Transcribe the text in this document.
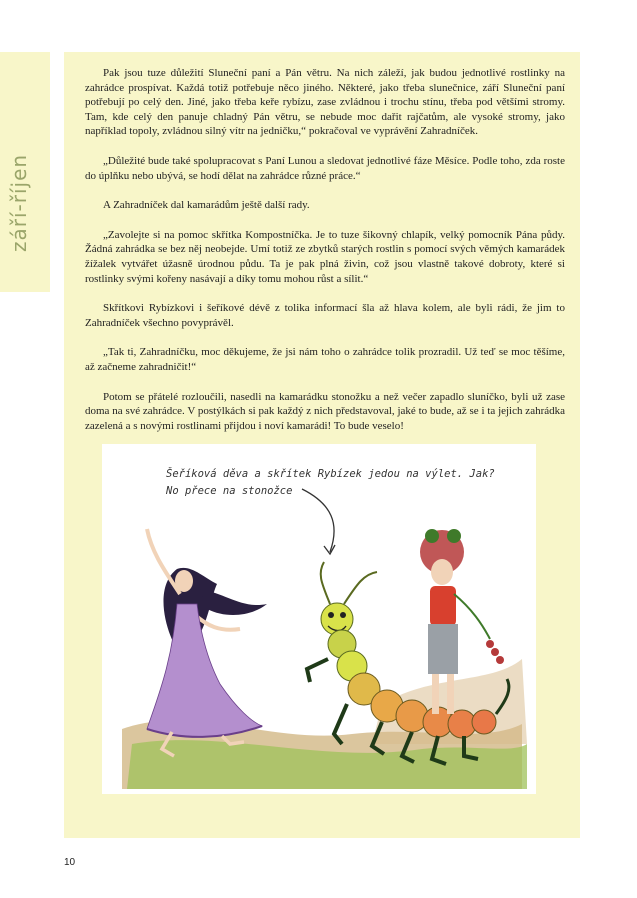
září-říjen

Pak jsou tuze důležití Sluneční paní a Pán větru. Na nich záleží, jak budou jednotlivé rostlinky na zahrádce prospívat. Každá totiž potřebuje něco jiného. Některé, jako třeba slunečnice, září Sluneční paní potřebují po celý den. Jiné, jako třeba keře rybízu, zase zvládnou i trochu stínu, třeba pod většími stromy. Tam, kde celý den panuje chladný Pán větru, se nebude moc dařit rajčatům, ale vysoké stromy, jako například topoly, zvládnou silný vítr na jedničku,“ pokračoval ve vyprávění Zahradníček.

„Důležité bude také spolupracovat s Paní Lunou a sledovat jednotlivé fáze Měsíce. Podle toho, zda roste do úplňku nebo ubývá, se hodí dělat na zahrádce různé práce.“

A Zahradníček dal kamarádům ještě další rady.

„Zavolejte si na pomoc skřítka Kompostníčka. Je to tuze šikovný chlapík, velký pomocník Pána půdy. Žádná zahrádka se bez něj neobejde. Umí totiž ze zbytků starých rostlin s pomocí svých věmých kamarádek žížalek vytvářet úžasně úrodnou půdu. Ta je pak plná živin, což jsou vlastně takové dobroty, které si rostlinky svými kořeny nasávají a díky tomu mohou růst a sílit.“

Skřítkovi Rybízkovi i šeříkové dévě z tolika informací šla až hlava kolem, ale byli rádi, že jim to Zahradníček všechno povyprávěl.

„Tak ti, Zahradníčku, moc děkujeme, že jsi nám toho o zahrádce tolik prozradil. Už teď se moc těšíme, až začneme zahradničit!“

Potom se přátelé rozloučili, nasedli na kamarádku stonožku a než večer zapadlo sluníčko, byli už zase doma na své zahrádce. V postýlkách si pak každý z nich představoval, jaké to bude, až se i ta jejich zahrádka zazelená a s novými rostlinami přijdou i noví kamarádi! To bude veselo!

Šeříková děva a skřítek Rybízek jedou na výlet. Jak?
No přece na stonožce
10
